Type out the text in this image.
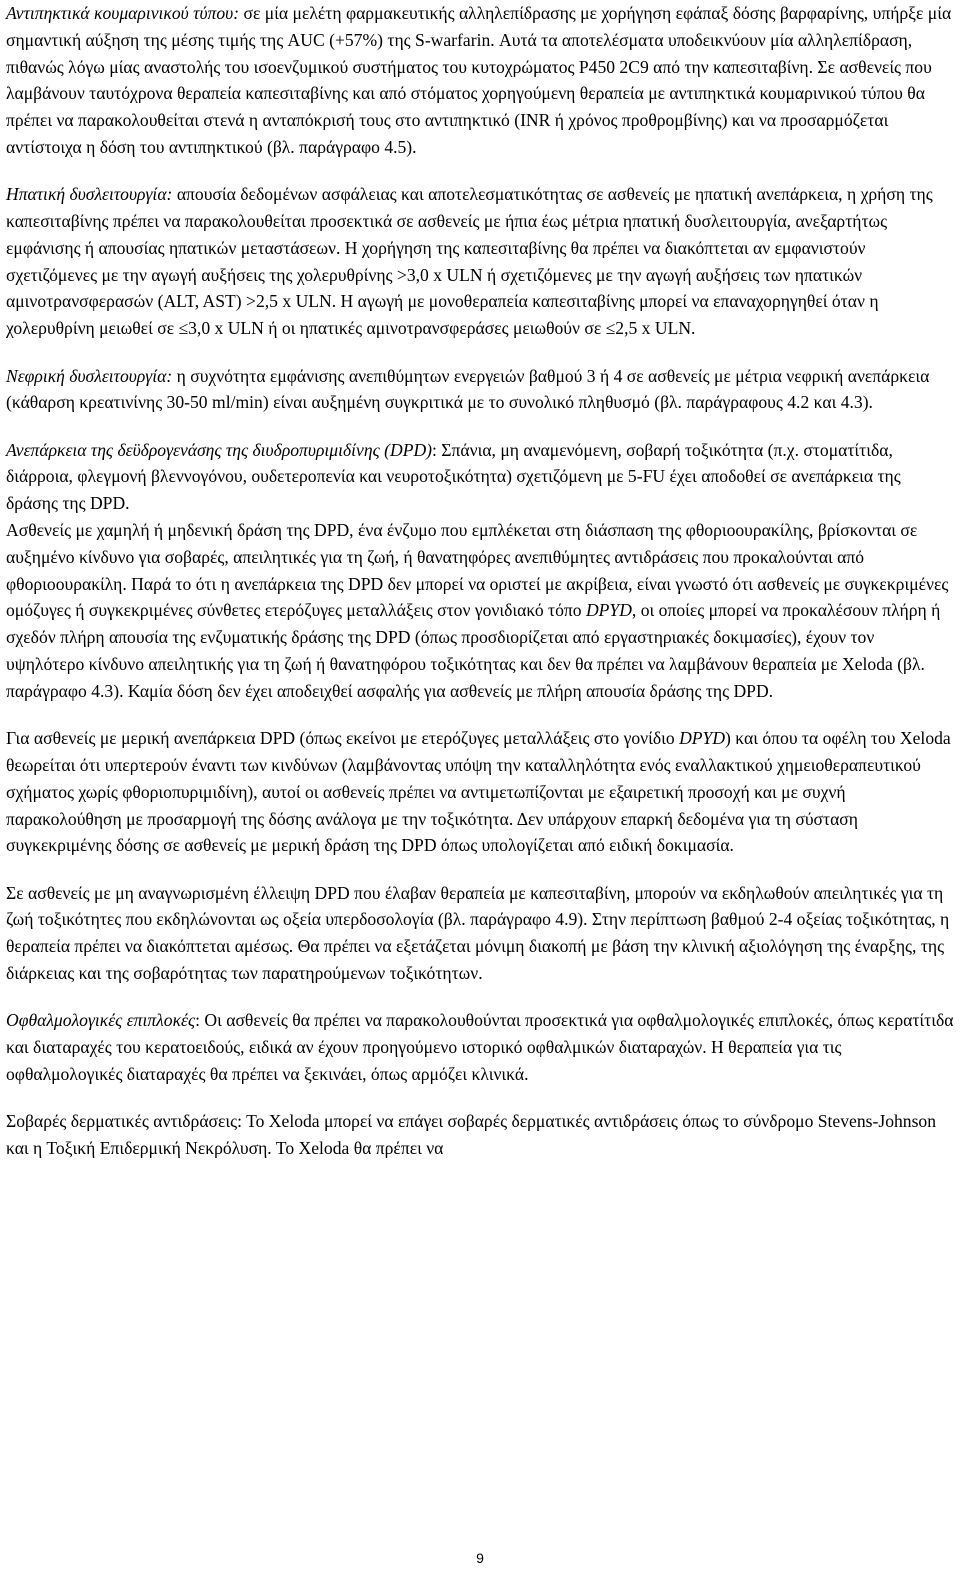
Αντιπηκτικά κουμαρινικού τύπου: σε μία μελέτη φαρμακευτικής αλληλεπίδρασης με χορήγηση εφάπαξ δόσης βαρφαρίνης, υπήρξε μία σημαντική αύξηση της μέσης τιμής της AUC (+57%) της S-warfarin. Αυτά τα αποτελέσματα υποδεικνύουν μία αλληλεπίδραση, πιθανώς λόγω μίας αναστολής του ισοενζυμικού συστήματος του κυτοχρώματος P450 2C9 από την καπεσιταβίνη. Σε ασθενείς που λαμβάνουν ταυτόχρονα θεραπεία καπεσιταβίνης και από στόματος χορηγούμενη θεραπεία με αντιπηκτικά κουμαρινικού τύπου θα πρέπει να παρακολουθείται στενά η ανταπόκρισή τους στο αντιπηκτικό (INR ή χρόνος προθρομβίνης) και να προσαρμόζεται αντίστοιχα η δόση του αντιπηκτικού (βλ. παράγραφο 4.5).

Ηπατική δυσλειτουργία: απουσία δεδομένων ασφάλειας και αποτελεσματικότητας σε ασθενείς με ηπατική ανεπάρκεια, η χρήση της καπεσιταβίνης πρέπει να παρακολουθείται προσεκτικά σε ασθενείς με ήπια έως μέτρια ηπατική δυσλειτουργία, ανεξαρτήτως εμφάνισης ή απουσίας ηπατικών μεταστάσεων. Η χορήγηση της καπεσιταβίνης θα πρέπει να διακόπτεται αν εμφανιστούν σχετιζόμενες με την αγωγή αυξήσεις της χολερυθρίνης >3,0 x ULN ή σχετιζόμενες με την αγωγή αυξήσεις των ηπατικών αμινοτρανσφερασών (ALT, AST) >2,5 x ULN. Η αγωγή με μονοθεραπεία καπεσιταβίνης μπορεί να επαναχορηγηθεί όταν η χολερυθρίνη μειωθεί σε ≤3,0 x ULN ή οι ηπατικές αμινοτρανσφεράσες μειωθούν σε ≤2,5 x ULN.

Νεφρική δυσλειτουργία: η συχνότητα εμφάνισης ανεπιθύμητων ενεργειών βαθμού 3 ή 4 σε ασθενείς με μέτρια νεφρική ανεπάρκεια (κάθαρση κρεατινίνης 30-50 ml/min) είναι αυξημένη συγκριτικά με το συνολικό πληθυσμό (βλ. παράγραφους 4.2 και 4.3).

Ανεπάρκεια της δεϋδρογενάσης της διυδροπυριμιδίνης (DPD): Σπάνια, μη αναμενόμενη, σοβαρή τοξικότητα (π.χ. στοματίτιδα, διάρροια, φλεγμονή βλεννογόνου, ουδετεροπενία και νευροτοξικότητα) σχετιζόμενη με 5-FU έχει αποδοθεί σε ανεπάρκεια της δράσης της DPD.

Ασθενείς με χαμηλή ή μηδενική δράση της DPD, ένα ένζυμο που εμπλέκεται στη διάσπαση της φθοριοουρακίλης, βρίσκονται σε αυξημένο κίνδυνο για σοβαρές, απειλητικές για τη ζωή, ή θανατηφόρες ανεπιθύμητες αντιδράσεις που προκαλούνται από φθοριοουρακίλη. Παρά το ότι η ανεπάρκεια της DPD δεν μπορεί να οριστεί με ακρίβεια, είναι γνωστό ότι ασθενείς με συγκεκριμένες ομόζυγες ή συγκεκριμένες σύνθετες ετερόζυγες μεταλλάξεις στον γονιδιακό τόπο DPYD, οι οποίες μπορεί να προκαλέσουν πλήρη ή σχεδόν πλήρη απουσία της ενζυματικής δράσης της DPD (όπως προσδιορίζεται από εργαστηριακές δοκιμασίες), έχουν τον υψηλότερο κίνδυνο απειλητικής για τη ζωή ή θανατηφόρου τοξικότητας και δεν θα πρέπει να λαμβάνουν θεραπεία με Xeloda (βλ. παράγραφο 4.3). Καμία δόση δεν έχει αποδειχθεί ασφαλής για ασθενείς με πλήρη απουσία δράσης της DPD.

Για ασθενείς με μερική ανεπάρκεια DPD (όπως εκείνοι με ετερόζυγες μεταλλάξεις στο γονίδιο DPYD) και όπου τα οφέλη του Xeloda θεωρείται ότι υπερτερούν έναντι των κινδύνων (λαμβάνοντας υπόψη την καταλληλότητα ενός εναλλακτικού χημειοθεραπευτικού σχήματος χωρίς φθοριοπυριμιδίνη), αυτοί οι ασθενείς πρέπει να αντιμετωπίζονται με εξαιρετική προσοχή και με συχνή παρακολούθηση με προσαρμογή της δόσης ανάλογα με την τοξικότητα. Δεν υπάρχουν επαρκή δεδομένα για τη σύσταση συγκεκριμένης δόσης σε ασθενείς με μερική δράση της DPD όπως υπολογίζεται από ειδική δοκιμασία.

Σε ασθενείς με μη αναγνωρισμένη έλλειψη DPD που έλαβαν θεραπεία με καπεσιταβίνη, μπορούν να εκδηλωθούν απειλητικές για τη ζωή τοξικότητες που εκδηλώνονται ως οξεία υπερδοσολογία (βλ. παράγραφο 4.9). Στην περίπτωση βαθμού 2-4 οξείας τοξικότητας, η θεραπεία πρέπει να διακόπτεται αμέσως. Θα πρέπει να εξετάζεται μόνιμη διακοπή με βάση την κλινική αξιολόγηση της έναρξης, της διάρκειας και της σοβαρότητας των παρατηρούμενων τοξικότητων.

Οφθαλμολογικές επιπλοκές: Οι ασθενείς θα πρέπει να παρακολουθούνται προσεκτικά για οφθαλμολογικές επιπλοκές, όπως κερατίτιδα και διαταραχές του κερατοειδούς, ειδικά αν έχουν προηγούμενο ιστορικό οφθαλμικών διαταραχών. Η θεραπεία για τις οφθαλμολογικές διαταραχές θα πρέπει να ξεκινάει, όπως αρμόζει κλινικά.

Σοβαρές δερματικές αντιδράσεις: Το Xeloda μπορεί να επάγει σοβαρές δερματικές αντιδράσεις όπως το σύνδρομο Stevens-Johnson και η Τοξική Επιδερμική Νεκρόλυση. Το Xeloda θα πρέπει να

9
